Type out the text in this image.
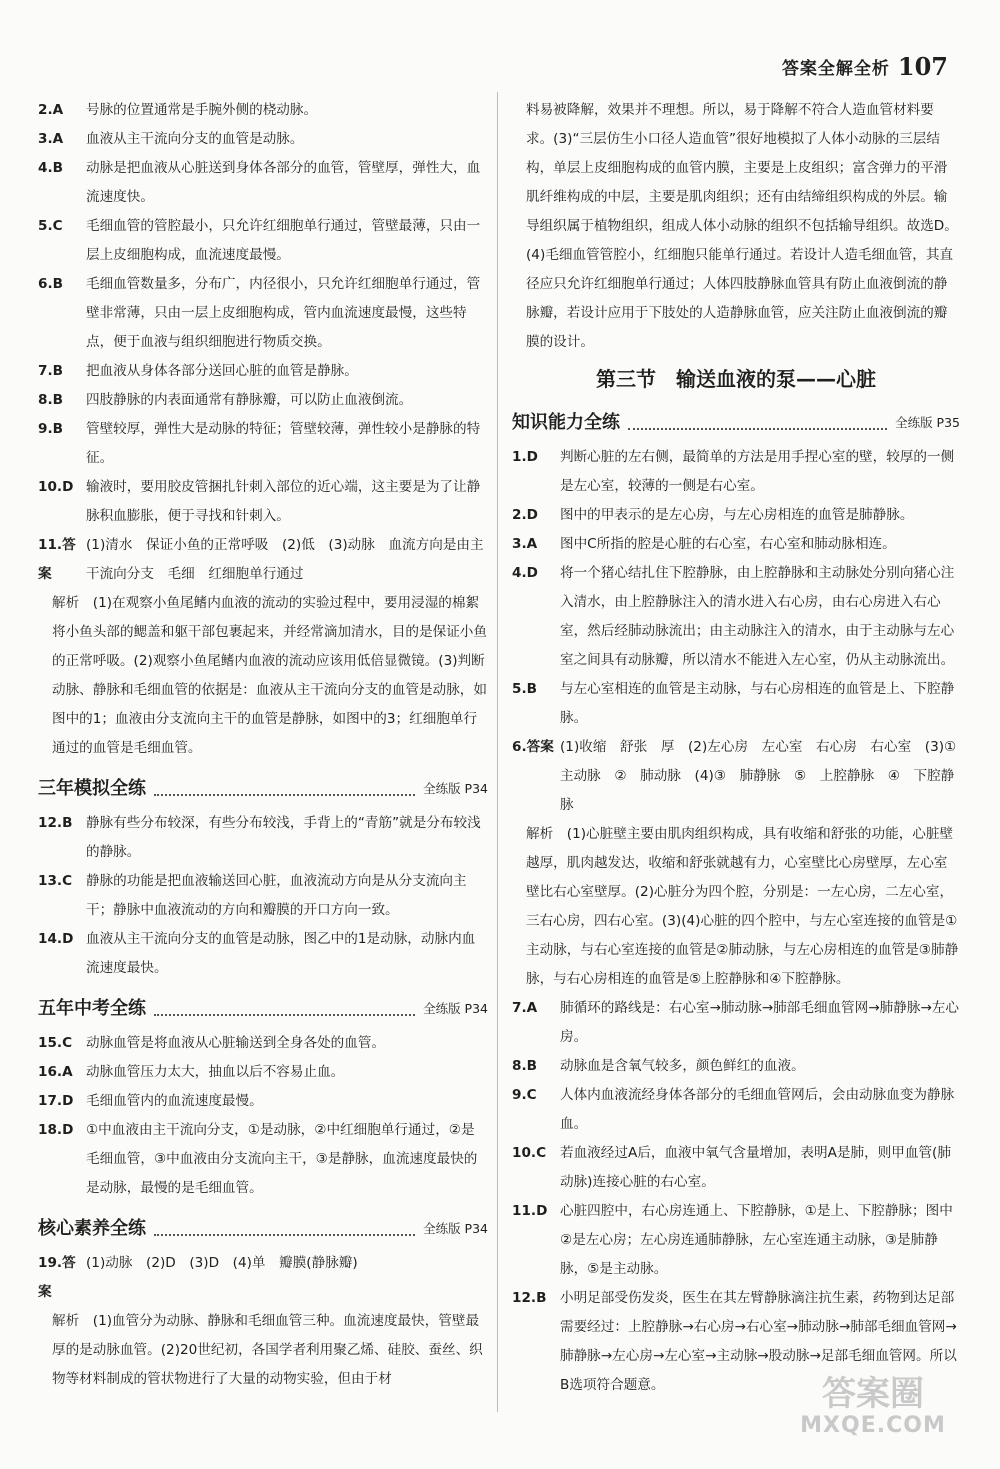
答案全解全析 107
2.A	号脉的位置通常是手腕外侧的桡动脉。
3.A	血液从主干流向分支的血管是动脉。
4.B	动脉是把血液从心脏送到身体各部分的血管，管壁厚，弹性大，血流速度快。
5.C	毛细血管的管腔最小，只允许红细胞单行通过，管壁最薄，只由一层上皮细胞构成，血流速度最慢。
6.B	毛细血管数量多，分布广，内径很小，只允许红细胞单行通过，管壁非常薄，只由一层上皮细胞构成，管内血流速度最慢，这些特点，便于血液与组织细胞进行物质交换。
7.B	把血液从身体各部分送回心脏的血管是静脉。
8.B	四肢静脉的内表面通常有静脉瓣，可以防止血液倒流。
9.B	管壁较厚，弹性大是动脉的特征；管壁较薄，弹性较小是静脉的特征。
10.D 输液时，要用胶皮管捆扎针刺入部位的近心端，这主要是为了让静脉积血膨胀，便于寻找和针刺入。
11.答案
(1)清水　保证小鱼的正常呼吸　(2)低　(3)动脉　血流方向是由主干流向分支　毛细　红细胞单行通过
解析　(1)在观察小鱼尾鳍内血液的流动的实验过程中，要用浸湿的棉絮将小鱼头部的鳃盖和躯干部包裹起来，并经常滴加清水，目的是保证小鱼的正常呼吸。(2)观察小鱼尾鳍内血液的流动应该用低倍显微镜。(3)判断动脉、静脉和毛细血管的依据是：血液从主干流向分支的血管是动脉，如图中的1；血液由分支流向主干的血管是静脉，如图中的3；红细胞单行通过的血管是毛细血管。
三年模拟全练	全练版 P34
12.B 静脉有些分布较深，有些分布较浅，手背上的“青筋”就是分布较浅的静脉。
13.C	静脉的功能是把血液输送回心脏，血液流动方向是从分支流向主干；静脉中血液流动的方向和瓣膜的开口方向一致。
14.D 血液从主干流向分支的血管是动脉，图乙中的1是动脉，动脉内血流速度最快。
五年中考全练	全练版 P34
15.C	动脉血管是将血液从心脏输送到全身各处的血管。
16.A 动脉血管压力太大，抽血以后不容易止血。
17.D 毛细血管内的血流速度最慢。
18.D ①中血液由主干流向分支，①是动脉，②中红细胞单行通过，②是毛细血管，③中血液由分支流向主干，③是静脉，血流速度最快的是动脉，最慢的是毛细血管。
核心素养全练	全练版 P34
19.答案
(1)动脉　(2)D　(3)D　(4)单　瓣膜(静脉瓣)
解析　(1)血管分为动脉、静脉和毛细血管三种。血流速度最快，管壁最厚的是动脉血管。(2)20世纪初，各国学者利用聚乙烯、硅胶、蚕丝、织物等材料制成的管状物进行了大量的动物实验，但由于材
料易被降解，效果并不理想。所以，易于降解不符合人造血管材料要求。(3)“三层仿生小口径人造血管”很好地模拟了人体小动脉的三层结构，单层上皮细胞构成的血管内膜，主要是上皮组织；富含弹力的平滑肌纤维构成的中层，主要是肌肉组织；还有由结缔组织构成的外层。输导组织属于植物组织，组成人体小动脉的组织不包括输导组织。故选D。(4)毛细血管管腔小，红细胞只能单行通过。若设计人造毛细血管，其直径应只允许红细胞单行通过；人体四肢静脉血管具有防止血液倒流的静脉瓣，若设计应用于下肢处的人造静脉血管，应关注防止血液倒流的瓣膜的设计。
第三节　输送血液的泵——心脏
知识能力全练	全练版 P35
1.D	判断心脏的左右侧，最简单的方法是用手捏心室的壁，较厚的一侧是左心室，较薄的一侧是右心室。
2.D	图中的甲表示的是左心房，与左心房相连的血管是肺静脉。
3.A	图中C所指的腔是心脏的右心室，右心室和肺动脉相连。
4.D	将一个猪心结扎住下腔静脉，由上腔静脉和主动脉处分别向猪心注入清水，由上腔静脉注入的清水进入右心房，由右心房进入右心室，然后经肺动脉流出；由主动脉注入的清水，由于主动脉与左心室之间具有动脉瓣，所以清水不能进入左心室，仍从主动脉流出。
5.B	与左心室相连的血管是主动脉，与右心房相连的血管是上、下腔静脉。
6.答案 (1)收缩　舒张　厚　(2)左心房　左心室　右心房　右心室　(3)①　主动脉　②　肺动脉　(4)③　肺静脉　⑤　上腔静脉　④　下腔静脉
解析　(1)心脏壁主要由肌肉组织构成，具有收缩和舒张的功能，心脏壁越厚，肌肉越发达，收缩和舒张就越有力，心室壁比心房壁厚，左心室壁比右心室壁厚。(2)心脏分为四个腔，分别是：一左心房，二左心室，三右心房，四右心室。(3)(4)心脏的四个腔中，与左心室连接的血管是①主动脉，与右心室连接的血管是②肺动脉，与左心房相连的血管是③肺静脉，与右心房相连的血管是⑤上腔静脉和④下腔静脉。
7.A	肺循环的路线是：右心室→肺动脉→肺部毛细血管网→肺静脉→左心房。
8.B	动脉血是含氧气较多，颜色鲜红的血液。
9.C	人体内血液流经身体各部分的毛细血管网后，会由动脉血变为静脉血。
10.C	若血液经过A后，血液中氧气含量增加，表明A是肺，则甲血管(肺动脉)连接心脏的右心室。
11.D 心脏四腔中，右心房连通上、下腔静脉，①是上、下腔静脉；图中②是左心房；左心房连通肺静脉，左心室连通主动脉，③是肺静脉，⑤是主动脉。
12.B 小明足部受伤发炎，医生在其左臂静脉滴注抗生素，药物到达足部需要经过：上腔静脉→右心房→右心室→肺动脉→肺部毛细血管网→肺静脉→左心房→左心室→主动脉→股动脉→足部毛细血管网。所以B选项符合题意。	答案圈
MXQE.COM
